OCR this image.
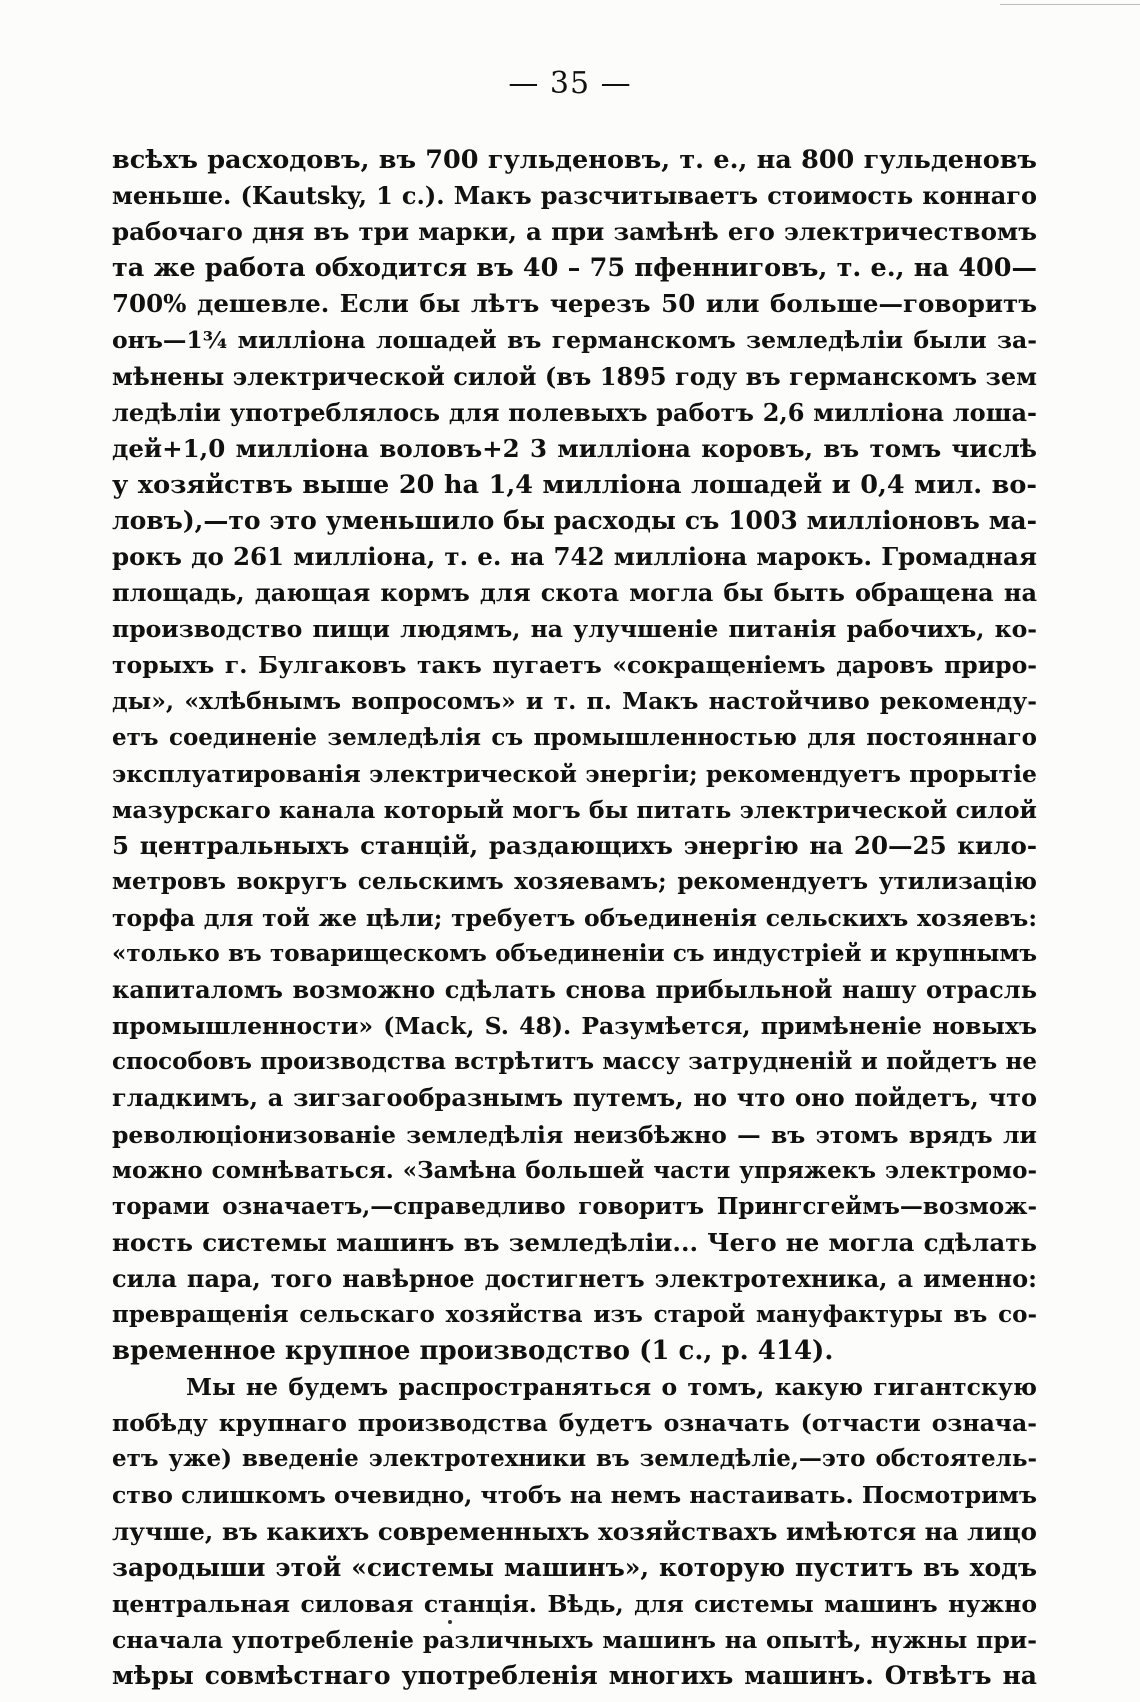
— 35 —
всѣхъ расходовъ, въ 700 гульденовъ, т. е., на 800 гульденовъ
меньше. (Kautsky, 1 c.). Макъ разсчитываетъ стоимость коннаго
рабочаго дня въ три марки, а при замѣнѣ его электричествомъ
та же работа обходится въ 40 – 75 пфенниговъ, т. е., на 400—
700% дешевле. Если бы лѣтъ черезъ 50 или больше—говоритъ
онъ—1¾ милліона лошадей въ германскомъ земледѣліи были за-
мѣнены электрической силой (въ 1895 году въ германскомъ зем
ледѣліи употреблялось для полевыхъ работъ 2,6 милліона лоша-
дей+1,0 милліона воловъ+2 3 милліона коровъ, въ томъ числѣ
у хозяйствъ выше 20 ha 1,4 милліона лошадей и 0,4 мил. во-
ловъ),—то это уменьшило бы расходы съ 1003 милліоновъ ма-
рокъ до 261 милліона, т. е. на 742 милліона марокъ. Громадная
площадь, дающая кормъ для скота могла бы быть обращена на
производство пищи людямъ, на улучшеніе питанія рабочихъ, ко-
торыхъ г. Булгаковъ такъ пугаетъ «сокращеніемъ даровъ приро-
ды», «хлѣбнымъ вопросомъ» и т. п. Макъ настойчиво рекоменду-
етъ соединеніе земледѣлія съ промышленностью для постояннаго
эксплуатированія электрической энергіи; рекомендуетъ прорытіе
мазурскаго канала который могъ бы питать электрической силой
5 центральныхъ станцій, раздающихъ энергію на 20—25 кило-
метровъ вокругъ сельскимъ хозяевамъ; рекомендуетъ утилизацію
торфа для той же цѣли; требуетъ объединенія сельскихъ хозяевъ:
«только въ товарищескомъ объединеніи съ индустріей и крупнымъ
капиталомъ возможно сдѣлать снова прибыльной нашу отрасль
промышленности» (Mack, S. 48). Разумѣется, примѣненіе новыхъ
способовъ производства встрѣтитъ массу затрудненій и пойдетъ не
гладкимъ, а зигзагообразнымъ путемъ, но что оно пойдетъ, что
революціонизованіе земледѣлія неизбѣжно — въ этомъ врядъ ли
можно сомнѣваться. «Замѣна большей части упряжекъ электромо-
торами означаетъ,—справедливо говоритъ Прингсгеймъ—возмож-
ность системы машинъ въ земледѣліи... Чего не могла сдѣлать
сила пара, того навѣрное достигнетъ электротехника, а именно:
превращенія сельскаго хозяйства изъ старой мануфактуры въ со-
временное крупное производство (1 c., p. 414).
Мы не будемъ распространяться о томъ, какую гигантскую
побѣду крупнаго производства будетъ означать (отчасти означа-
етъ уже) введеніе электротехники въ земледѣліе,—это обстоятель-
ство слишкомъ очевидно, чтобъ на немъ настаивать. Посмотримъ
лучше, въ какихъ современныхъ хозяйствахъ имѣются на лицо
зародыши этой «системы машинъ», которую пуститъ въ ходъ
центральная силовая станція. Вѣдь, для системы машинъ нужно
сначала употребленіе различныхъ машинъ на опытѣ, нужны при-
мѣры совмѣстнаго употребленія многихъ машинъ. Отвѣтъ на
